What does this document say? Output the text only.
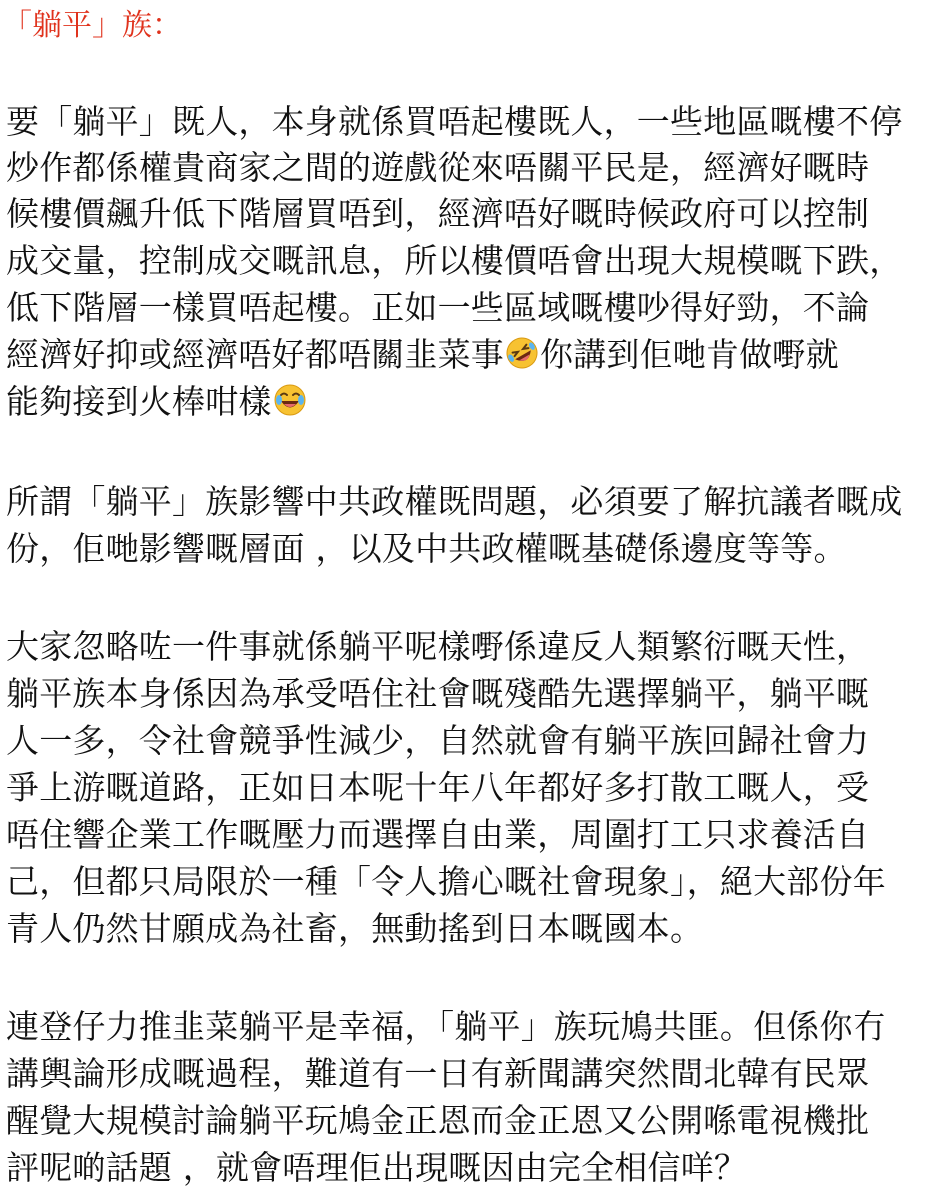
「躺平」族：
要「躺平」既人，本身就係買唔起樓既人，一些地區嘅樓不停
炒作都係權貴商家之間的遊戲從來唔關平民是，經濟好嘅時
候樓價飆升低下階層買唔到，經濟唔好嘅時候政府可以控制
成交量，控制成交嘅訊息，所以樓價唔會出現大規模嘅下跌，
低下階層一樣買唔起樓。正如一些區域嘅樓吵得好勁，不論
經濟好抑或經濟唔好都唔關韭菜事 你講到佢哋肯做嘢就
能夠接到火棒咁樣
所謂「躺平」族影響中共政權既問題，必須要了解抗議者嘅成
份，佢哋影響嘅層面 ，以及中共政權嘅基礎係邊度等等。
大家忽略咗一件事就係躺平呢樣嘢係違反人類繁衍嘅天性，
躺平族本身係因為承受唔住社會嘅殘酷先選擇躺平，躺平嘅
人一多，令社會競爭性減少，自然就會有躺平族回歸社會力
爭上游嘅道路，正如日本呢十年八年都好多打散工嘅人，受
唔住響企業工作嘅壓力而選擇自由業，周圍打工只求養活自
己，但都只局限於一種「令人擔心嘅社會現象」，絕大部份年
青人仍然甘願成為社畜，無動搖到日本嘅國本。
連登仔力推韭菜躺平是幸福，「躺平」族玩鳩共匪。但係你冇
講輿論形成嘅過程，難道有一日有新聞講突然間北韓有民眾
醒覺大規模討論躺平玩鳩金正恩而金正恩又公開喺電視機批
評呢啲話題 ，就會唔理佢出現嘅因由完全相信咩？
